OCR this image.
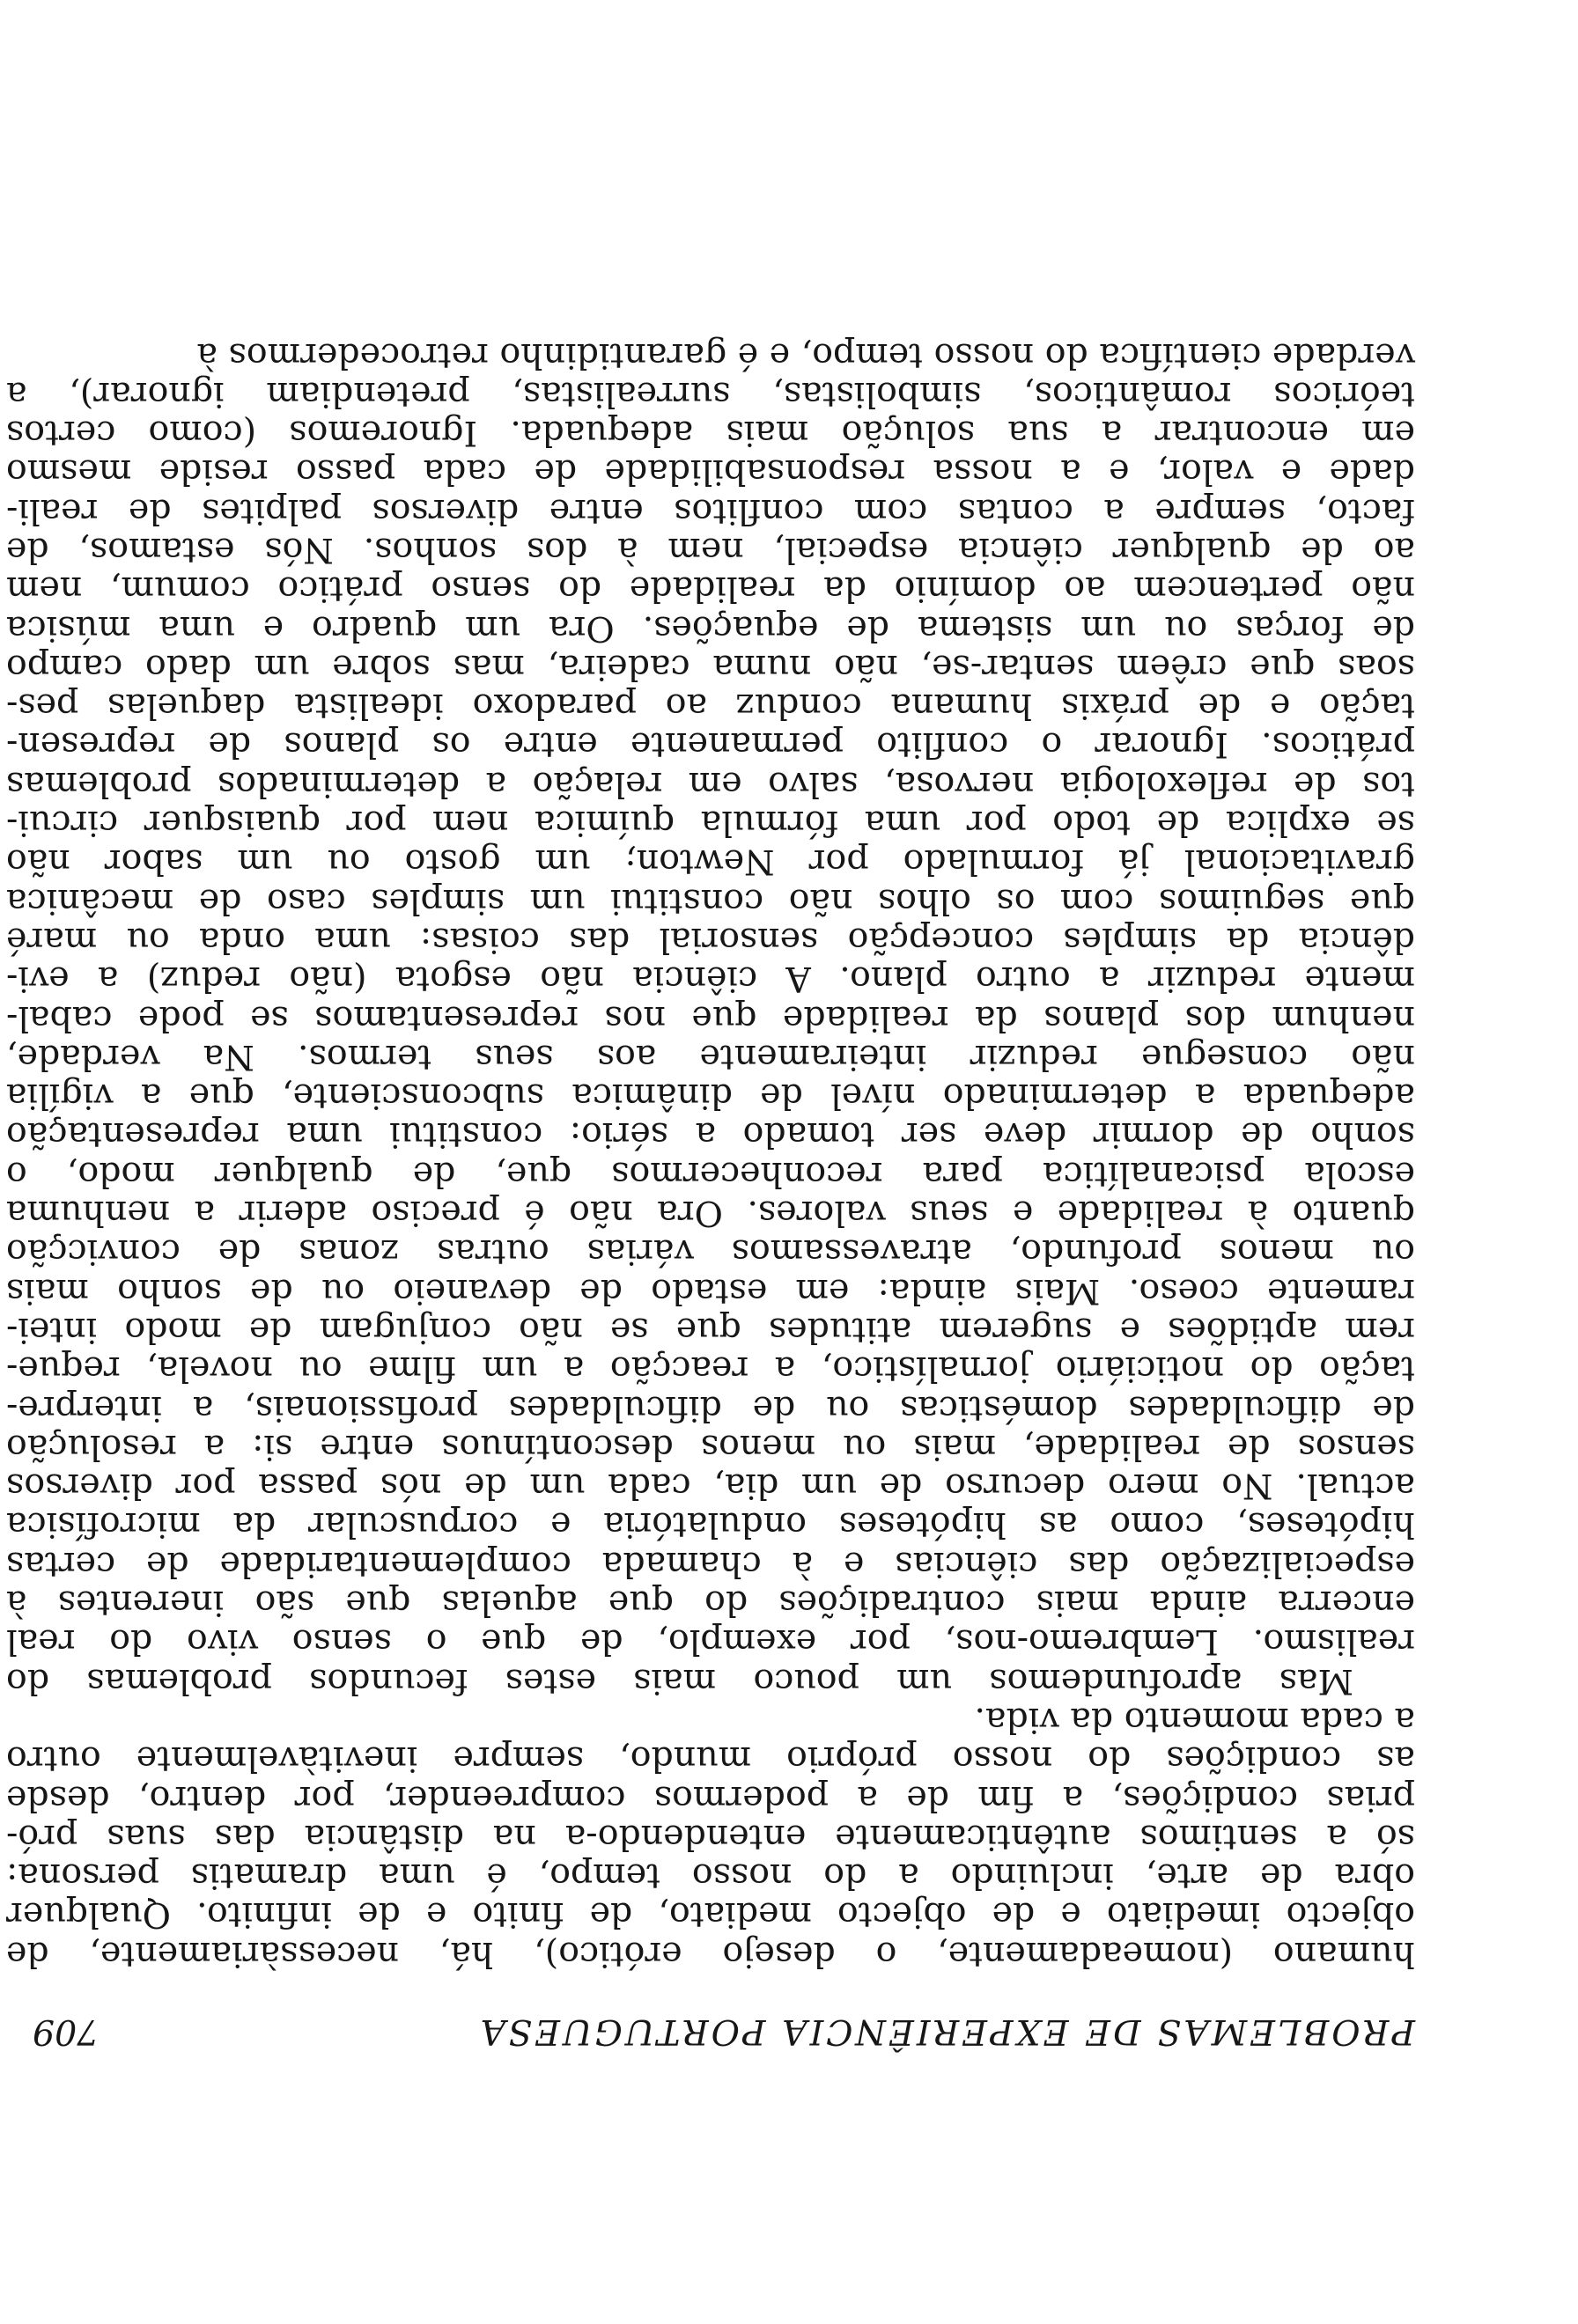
PROBLEMAS DE EXPERIÊNCIA PORTUGUESA
709
humano (nomeadamente, o desejo erótico), há, necessàriamente, de
objecto imediato e de objecto mediato, de finito e de infinito. Qualquer
obra de arte, incluindo a do nosso tempo, é uma dramatis persona:
só a sentimos autênticamente entendendo-a na distância das suas pró-
prias condições, a fim de a podermos compreender, por dentro, desde
as condições do nosso próprio mundo, sempre inevitàvelmente outro
a cada momento da vida.
Mas aprofundemos um pouco mais estes fecundos problemas do
realismo. Lembremo-nos, por exemplo, de que o senso vivo do real
encerra ainda mais contradições do que aquelas que são inerentes à
especialização das ciências e à chamada complementaridade de certas
hipóteses, como as hipóteses ondulatória e corpuscular da microfísica
actual. No mero decurso de um dia, cada um de nós passa por diversos
sensos de realidade, mais ou menos descontínuos entre si: a resolução
de dificuldades domésticas ou de dificuldades profissionais, a interpre-
tação do noticiário jornalístico, a reacção a um filme ou novela, reque-
rem aptidões e sugerem atitudes que se não conjugam de modo intei-
ramente coeso. Mais ainda: em estado de devaneio ou de sonho mais
ou menos profundo, atravessamos várias outras zonas de convicção
quanto à realidade e seus valores. Ora não é preciso aderir a nenhuma
escola psicanalítica para reconhecermos que, de qualquer modo, o
sonho de dormir deve ser tomado a sério: constitui uma representação
adequada a determinado nível de dinâmica subconsciente, que a vigília
não consegue reduzir inteiramente aos seus termos. Na verdade,
nenhum dos planos da realidade que nos representamos se pode cabal-
mente reduzir a outro plano. A ciência não esgota (não reduz) a evi-
dência da simples concepção sensorial das coisas: uma onda ou maré
que seguimos com os olhos não constitui um simples caso de mecânica
gravitacional já formulado por Newton; um gosto ou um sabor não
se explica de todo por uma fórmula química nem por quaisquer circui-
tos de reflexologia nervosa, salvo em relação a determinados problemas
práticos. Ignorar o conflito permanente entre os planos de represen-
tação e de práxis humana conduz ao paradoxo idealista daquelas pes-
soas que crêem sentar-se, não numa cadeira, mas sobre um dado campo
de forças ou um sistema de equações. Ora um quadro e uma música
não pertencem ao domínio da realidade do senso prático comum, nem
ao de qualquer ciência especial, nem à dos sonhos. Nós estamos, de
facto, sempre a contas com conflitos entre diversos palpites de reali-
dade e valor, e a nossa responsabilidade de cada passo reside mesmo
em encontrar a sua solução mais adequada. Ignoremos (como certos
teóricos românticos, simbolistas, surrealistas, pretendiam ignorar), a
verdade científica do nosso tempo, e é garantidinho retrocedermos à
